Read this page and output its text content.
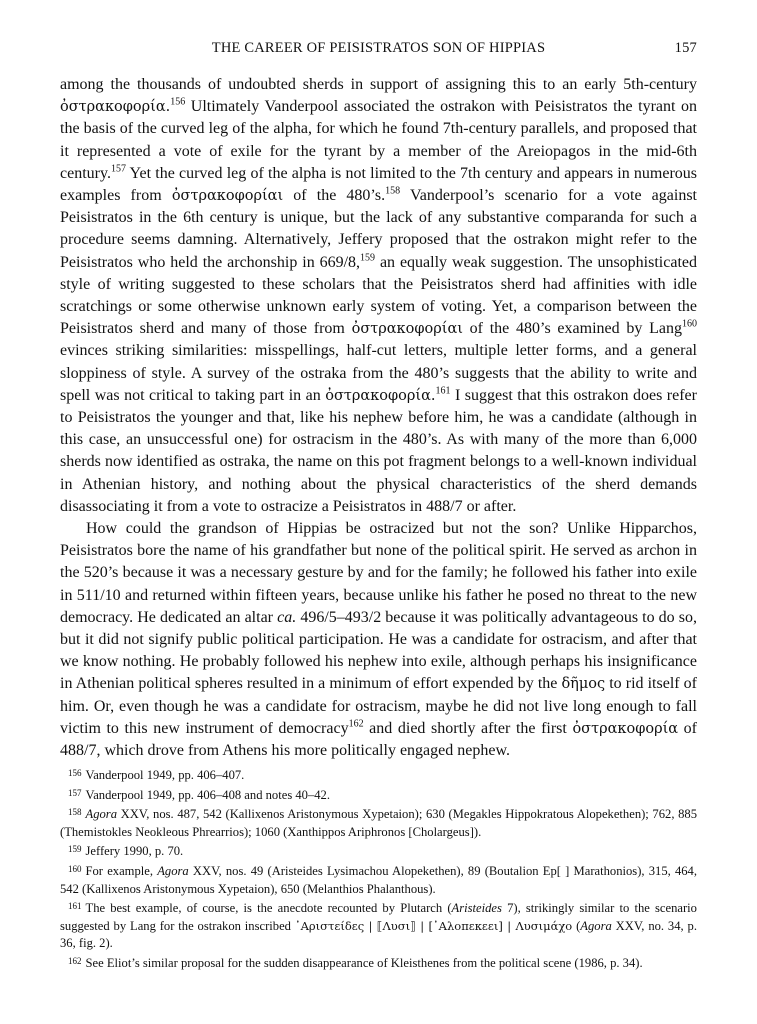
THE CAREER OF PEISISTRATOS SON OF HIPPIAS	157

among the thousands of undoubted sherds in support of assigning this to an early 5th-century ὀστρακοφορία.$^{156}$ Ultimately Vanderpool associated the ostrakon with Peisistratos the tyrant on the basis of the curved leg of the alpha, for which he found 7th-century parallels, and proposed that it represented a vote of exile for the tyrant by a member of the Areiopagos in the mid-6th century.$^{157}$ Yet the curved leg of the alpha is not limited to the 7th century and appears in numerous examples from ὀστρακοφορίαι of the 480’s.$^{158}$ Vanderpool’s scenario for a vote against Peisistratos in the 6th century is unique, but the lack of any substantive comparanda for such a procedure seems damning. Alternatively, Jeffery proposed that the ostrakon might refer to the Peisistratos who held the archonship in 669/8,$^{159}$ an equally weak suggestion. The unsophisticated style of writing suggested to these scholars that the Peisistratos sherd had affinities with idle scratchings or some otherwise unknown early system of voting. Yet, a comparison between the Peisistratos sherd and many of those from ὀστρακοφορίαι of the 480’s examined by Lang$^{160}$ evinces striking similarities: misspellings, half-cut letters, multiple letter forms, and a general sloppiness of style. A survey of the ostraka from the 480’s suggests that the ability to write and spell was not critical to taking part in an ὀστρακοφορία.$^{161}$ I suggest that this ostrakon does refer to Peisistratos the younger and that, like his nephew before him, he was a candidate (although in this case, an unsuccessful one) for ostracism in the 480’s. As with many of the more than 6,000 sherds now identified as ostraka, the name on this pot fragment belongs to a well-known individual in Athenian history, and nothing about the physical characteristics of the sherd demands disassociating it from a vote to ostracize a Peisistratos in 488/7 or after.

How could the grandson of Hippias be ostracized but not the son? Unlike Hipparchos, Peisistratos bore the name of his grandfather but none of the political spirit. He served as archon in the 520’s because it was a necessary gesture by and for the family; he followed his father into exile in 511/10 and returned within fifteen years, because unlike his father he posed no threat to the new democracy. He dedicated an altar ca. 496/5–493/2 because it was politically advantageous to do so, but it did not signify public political participation. He was a candidate for ostracism, and after that we know nothing. He probably followed his nephew into exile, although perhaps his insignificance in Athenian political spheres resulted in a minimum of effort expended by the δῆμος to rid itself of him. Or, even though he was a candidate for ostracism, maybe he did not live long enough to fall victim to this new instrument of democracy$^{162}$ and died shortly after the first ὀστρακοφορία of 488/7, which drove from Athens his more politically engaged nephew.

$^{156}$ Vanderpool 1949, pp. 406–407.

$^{157}$ Vanderpool 1949, pp. 406–408 and notes 40–42.

$^{158}$ Agora XXV, nos. 487, 542 (Kallixenos Aristonymous Xypetaion); 630 (Megakles Hippokratous Alopekethen); 762, 885 (Themistokles Neokleous Phrearrios); 1060 (Xanthippos Ariphronos [Cholargeus]).

$^{159}$ Jeffery 1990, p. 70.

$^{160}$ For example, Agora XXV, nos. 49 (Aristeides Lysimachou Alopekethen), 89 (Boutalion Ep[ ] Marathonios), 315, 464, 542 (Kallixenos Aristonymous Xypetaion), 650 (Melanthios Phalanthous).

$^{161}$ The best example, of course, is the anecdote recounted by Plutarch (Aristeides 7), strikingly similar to the scenario suggested by Lang for the ostrakon inscribed ᾽Αριστείδες | ⟦Λυσι⟧ | [᾽Αλοπεκεει] | Λυσιμάχο (Agora XXV, no. 34, p. 36, fig. 2).

$^{162}$ See Eliot’s similar proposal for the sudden disappearance of Kleisthenes from the political scene (1986, p. 34).
